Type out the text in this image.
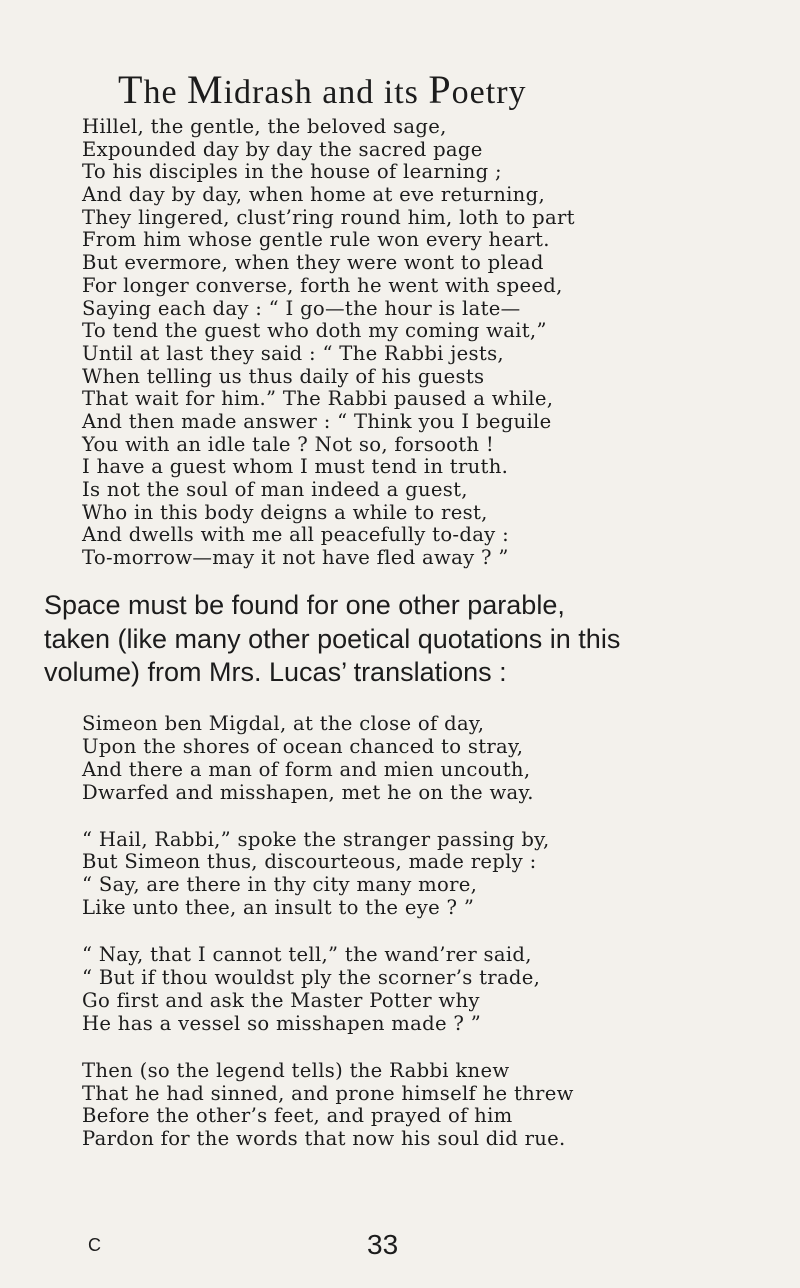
The Midrash and its Poetry
Hillel, the gentle, the beloved sage,
Expounded day by day the sacred page
To his disciples in the house of learning ;
And day by day, when home at eve returning,
They lingered, clust’ring round him, loth to part
From him whose gentle rule won every heart.
But evermore, when they were wont to plead
For longer converse, forth he went with speed,
Saying each day : “ I go—the hour is late—
To tend the guest who doth my coming wait,”
Until at last they said : “ The Rabbi jests,
When telling us thus daily of his guests
That wait for him.” The Rabbi paused a while,
And then made answer : “ Think you I beguile
You with an idle tale ? Not so, forsooth !
I have a guest whom I must tend in truth.
Is not the soul of man indeed a guest,
Who in this body deigns a while to rest,
And dwells with me all peacefully to-day :
To-morrow—may it not have fled away ? ”
Space must be found for one other parable,
taken (like many other poetical quotations in this
volume) from Mrs. Lucas’ translations :
Simeon ben Migdal, at the close of day,
Upon the shores of ocean chanced to stray,
And there a man of form and mien uncouth,
Dwarfed and misshapen, met he on the way.
“ Hail, Rabbi,” spoke the stranger passing by,
But Simeon thus, discourteous, made reply :
“ Say, are there in thy city many more,
Like unto thee, an insult to the eye ? ”
“ Nay, that I cannot tell,” the wand’rer said,
“ But if thou wouldst ply the scorner’s trade,
Go first and ask the Master Potter why
He has a vessel so misshapen made ? ”
Then (so the legend tells) the Rabbi knew
That he had sinned, and prone himself he threw
Before the other’s feet, and prayed of him
Pardon for the words that now his soul did rue.
C	33
